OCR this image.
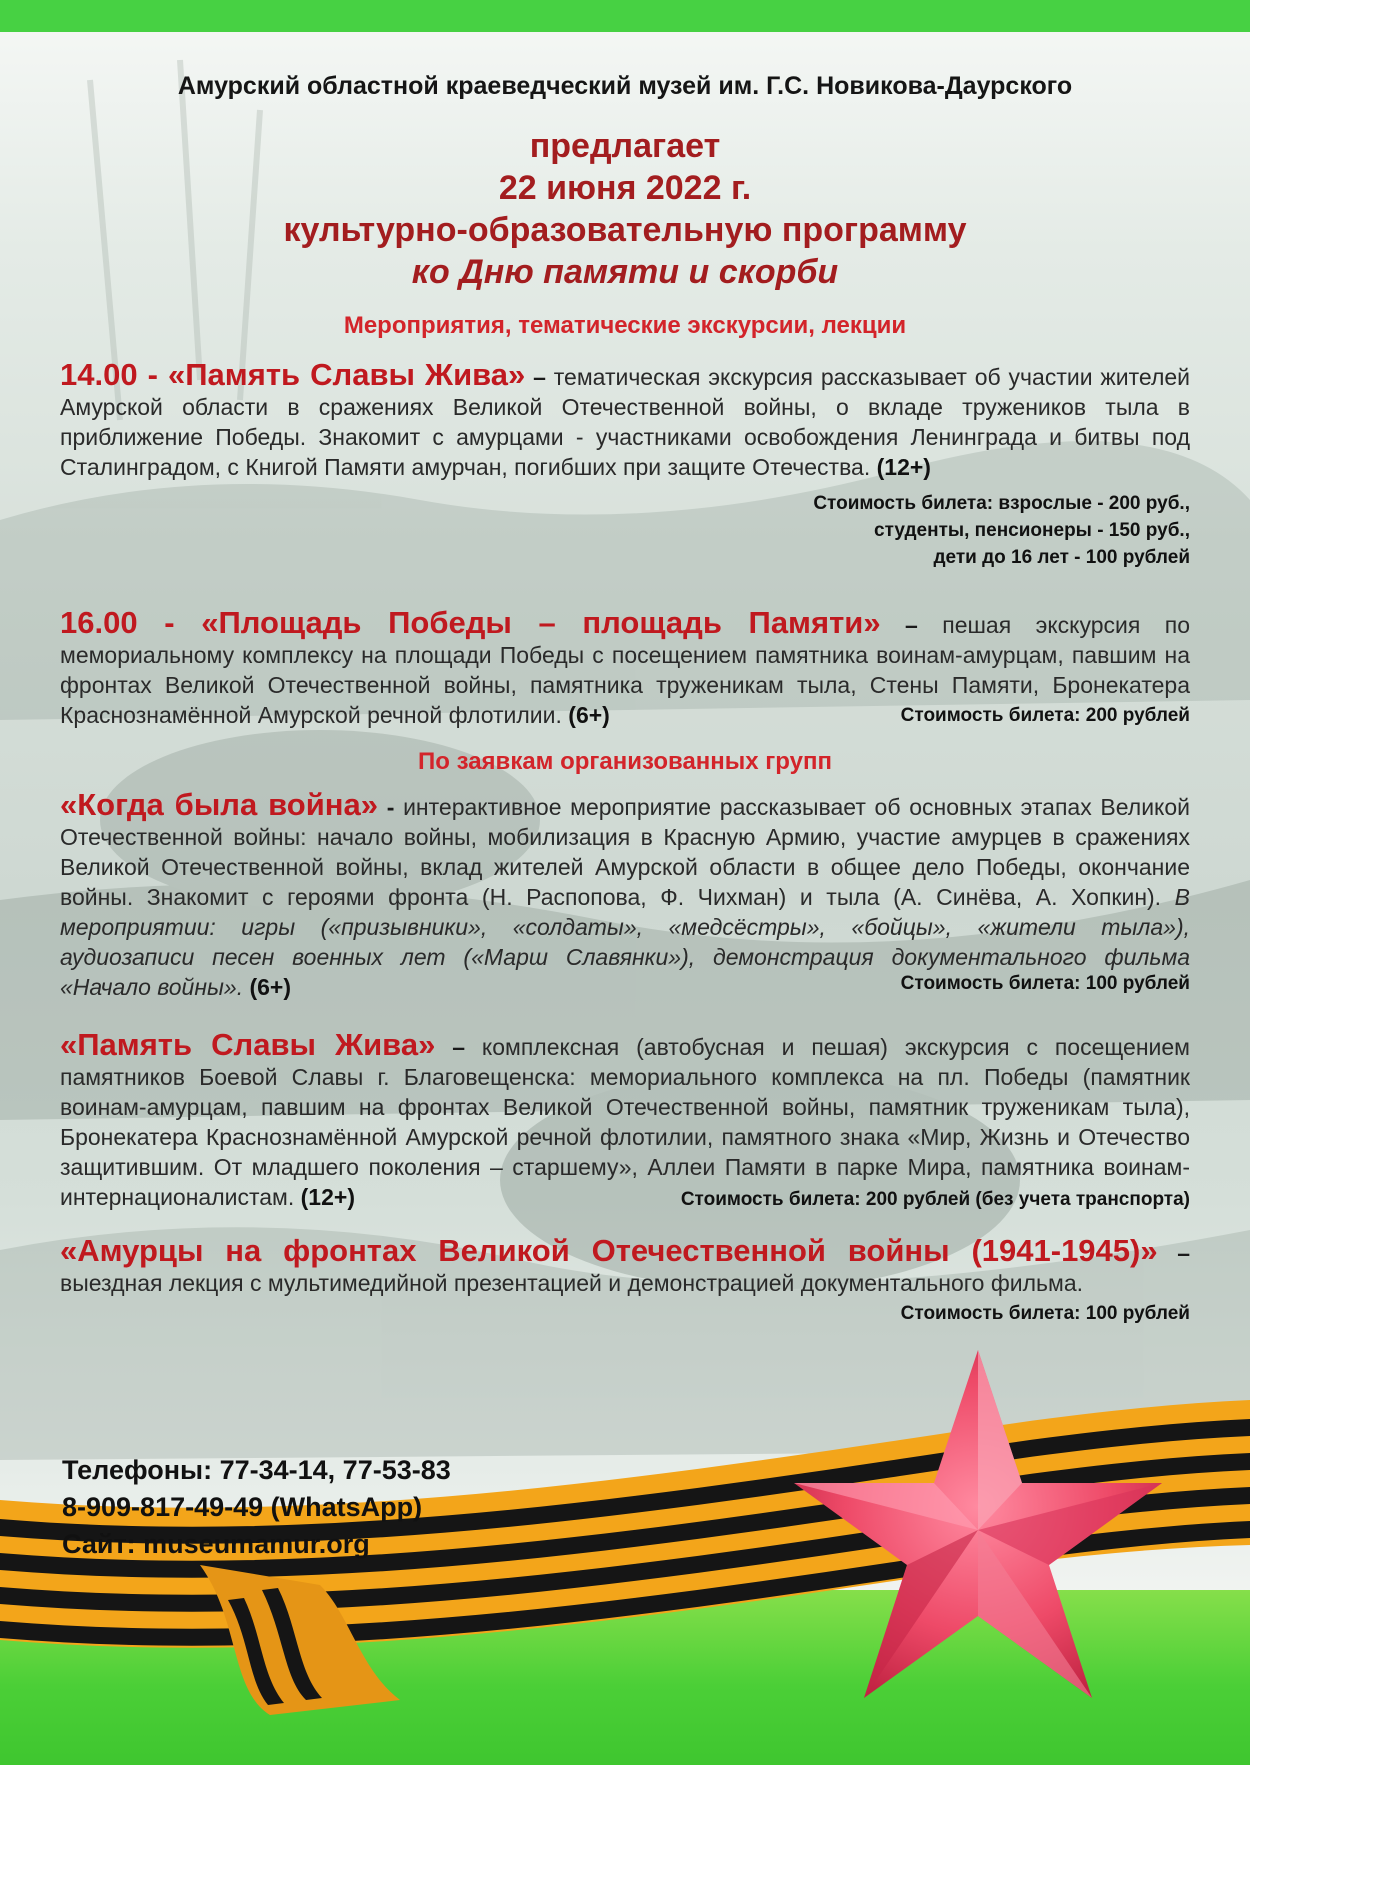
Амурский областной краеведческий музей им. Г.С. Новикова-Даурского
предлагает
22 июня 2022 г.
культурно-образовательную программу
ко Дню памяти и скорби
Мероприятия, тематические экскурсии, лекции

14.00 - «Память Славы Жива» – тематическая экскурсия рассказывает об участии жителей Амурской области в сражениях Великой Отечественной войны, о вкладе тружеников тыла в приближение Победы. Знакомит с амурцами - участниками освобождения Ленинграда и битвы под Сталинградом, с Книгой Памяти амурчан, погибших при защите Отечества. (12+)

Стоимость билета: взрослые - 200 руб.,
студенты, пенсионеры - 150 руб.,
дети до 16 лет - 100 рублей

16.00 - «Площадь Победы – площадь Памяти» – пешая экскурсия по мемориальному комплексу на площади Победы с посещением памятника воинам-амурцам, павшим на фронтах Великой Отечественной войны, памятника труженикам тыла, Стены Памяти, Бронекатера Краснознамённой Амурской речной флотилии. (6+)	Стоимость билета: 200 рублей
По заявкам организованных групп

«Когда была война» - интерактивное мероприятие рассказывает об основных этапах Великой Отечественной войны: начало войны, мобилизация в Красную Армию, участие амурцев в сражениях Великой Отечественной войны, вклад жителей Амурской области в общее дело Победы, окончание войны. Знакомит с героями фронта (Н. Распопова, Ф. Чихман) и тыла (А. Синёва, А. Хопкин). В мероприятии: игры («призывники», «солдаты», «медсёстры», «бойцы», «жители тыла»), аудиозаписи песен военных лет («Марш Славянки»), демонстрация документального фильма «Начало войны». (6+)	Стоимость билета: 100 рублей

«Память Славы Жива» – комплексная (автобусная и пешая) экскурсия с посещением памятников Боевой Славы г. Благовещенска: мемориального комплекса на пл. Победы (памятник воинам-амурцам, павшим на фронтах Великой Отечественной войны, памятник труженикам тыла), Бронекатера Краснознамённой Амурской речной флотилии, памятного знака «Мир, Жизнь и Отечество защитившим. От младшего поколения – старшему», Аллеи Памяти в парке Мира, памятника воинам-интернационалистам. (12+)	Стоимость билета: 200 рублей (без учета транспорта)

«Амурцы на фронтах Великой Отечественной войны (1941-1945)» – выездная лекция с мультимедийной презентацией и демонстрацией документального фильма.

Стоимость билета: 100 рублей
Телефоны: 77-34-14, 77-53-83
8-909-817-49-49 (WhatsApp)
Сайт: museumamur.org
